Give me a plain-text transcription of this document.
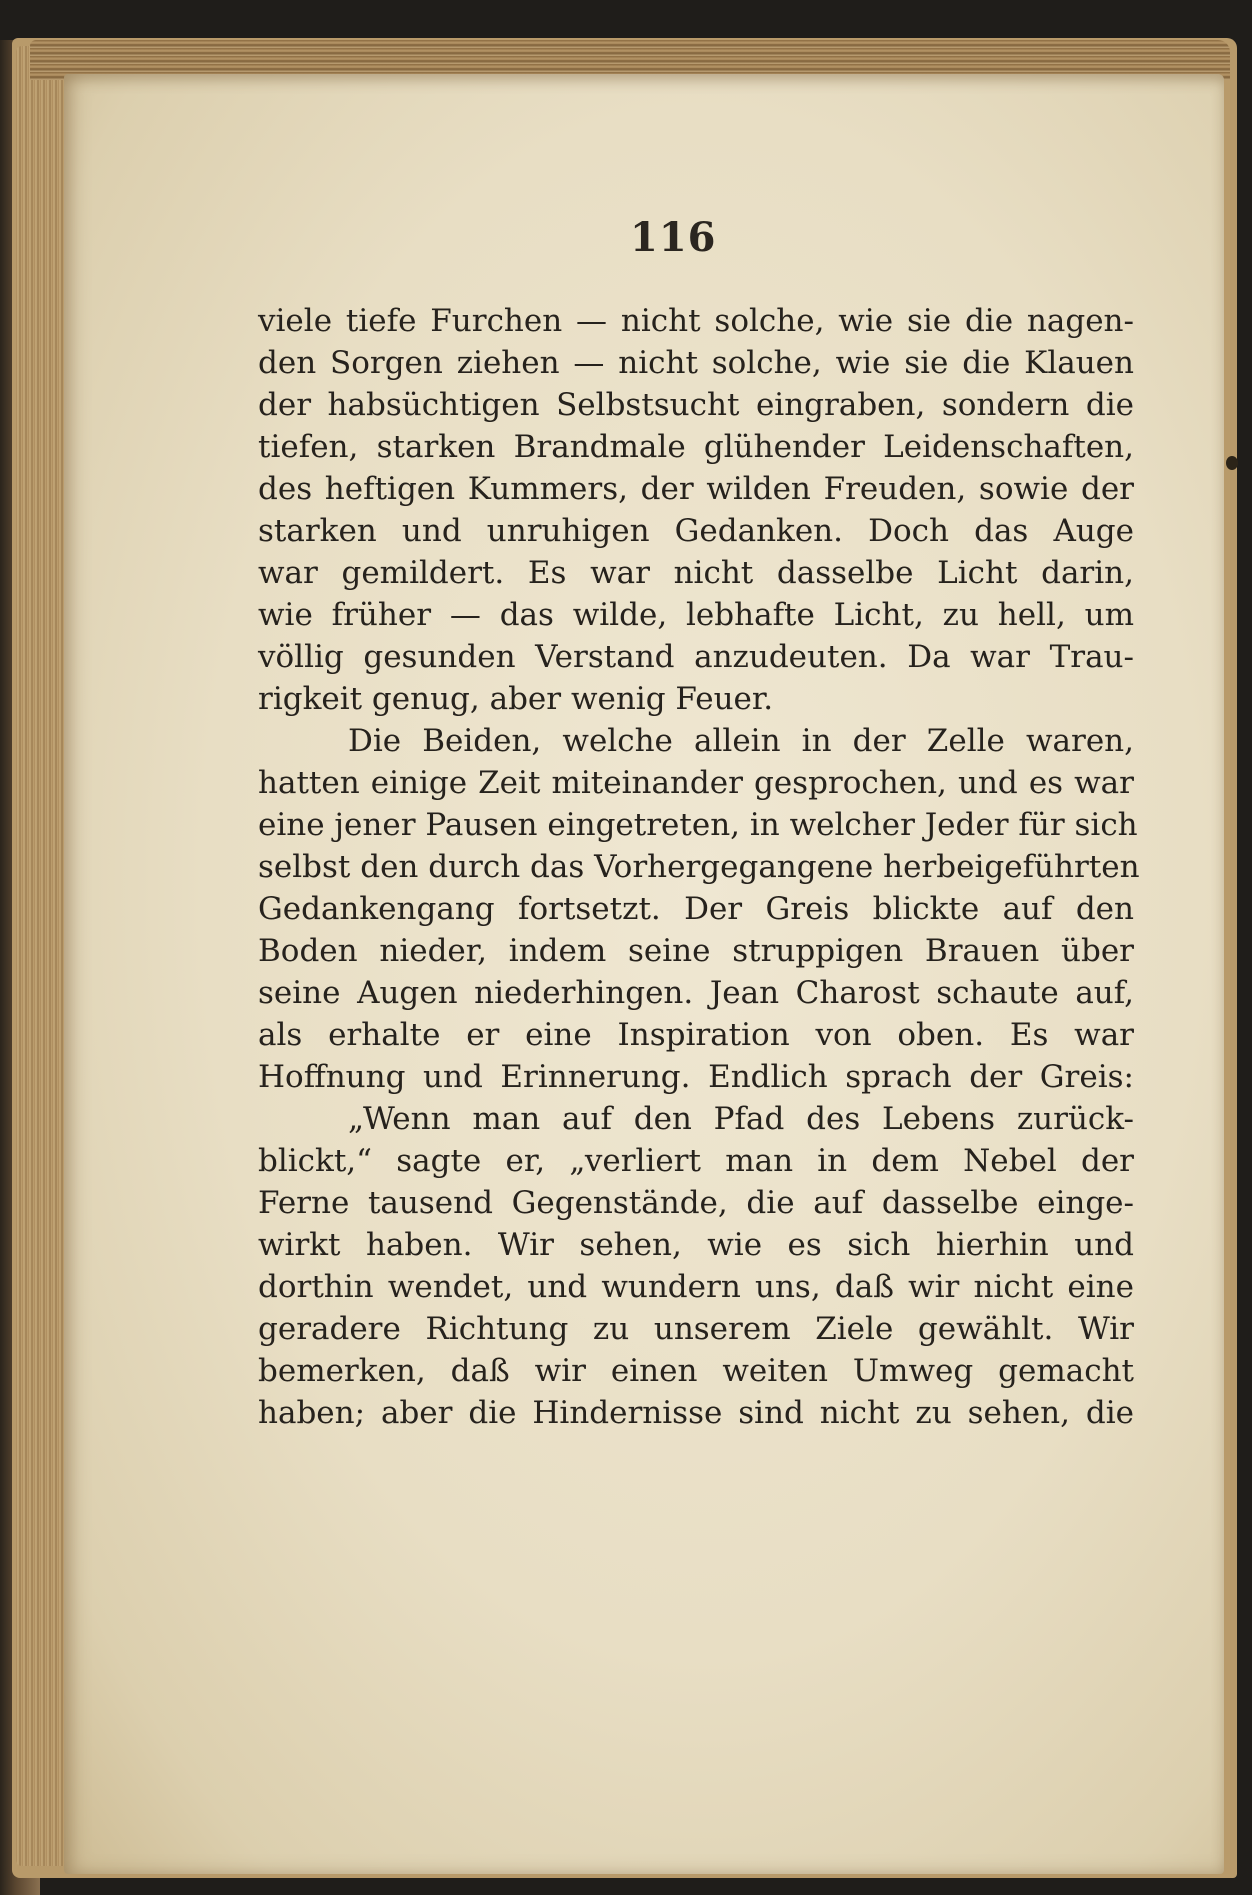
116
viele tiefe Furchen — nicht solche, wie sie die nagen-
den Sorgen ziehen — nicht solche, wie sie die Klauen
der habsüchtigen Selbstsucht eingraben, sondern die
tiefen, starken Brandmale glühender Leidenschaften,
des heftigen Kummers, der wilden Freuden, sowie der
starken und unruhigen Gedanken. Doch das Auge
war gemildert. Es war nicht dasselbe Licht darin,
wie früher — das wilde, lebhafte Licht, zu hell, um
völlig gesunden Verstand anzudeuten. Da war Trau-
rigkeit genug, aber wenig Feuer.
Die Beiden, welche allein in der Zelle waren,
hatten einige Zeit miteinander gesprochen, und es war
eine jener Pausen eingetreten, in welcher Jeder für sich
selbst den durch das Vorhergegangene herbeigeführten
Gedankengang fortsetzt. Der Greis blickte auf den
Boden nieder, indem seine struppigen Brauen über
seine Augen niederhingen. Jean Charost schaute auf,
als erhalte er eine Inspiration von oben. Es war
Hoffnung und Erinnerung. Endlich sprach der Greis:
„Wenn man auf den Pfad des Lebens zurück-
blickt,“ sagte er, „verliert man in dem Nebel der
Ferne tausend Gegenstände, die auf dasselbe einge-
wirkt haben. Wir sehen, wie es sich hierhin und
dorthin wendet, und wundern uns, daß wir nicht eine
geradere Richtung zu unserem Ziele gewählt. Wir
bemerken, daß wir einen weiten Umweg gemacht
haben; aber die Hindernisse sind nicht zu sehen, die
